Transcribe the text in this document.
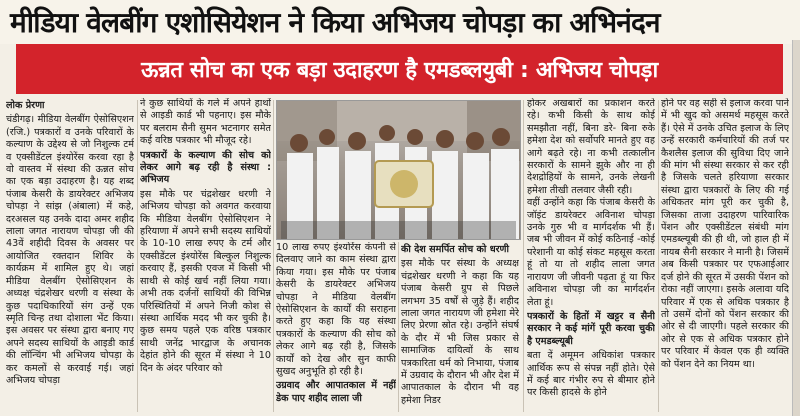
मीडिया वेलबींग एशोसियेशन ने किया अभिजय चोपड़ा का अभिनंदन
ऊन्नत सोच का एक बड़ा उदाहरण है एमडब्लयुबी : अभिजय चोपड़ा
लोक प्रेरणा

चंडीगढ़। मीडिया वेलबींग ऐसोसिएशन (रजि.) पत्रकारों व उनके परिवारों के कल्याण के उद्देश्य से जो निशुल्क टर्म व एक्सीडेंटल इंश्योरेंस करवा रहा है वो वास्तव में संस्था की ऊन्नत सोच का एक बड़ा उदाहरण है। यह शब्द पंजाब केसरी के डायरेक्टर अभिजय चोपड़ा ने सांझ (अंबाला) में कहे, दरअसल यह उनके दादा अमर शहीद लाला जगत नारायण चोपड़ा जी की 43वें शहीदी दिवस के अवसर पर आयोजित रक्तदान शिविर के कार्यक्रम में शामिल हुए थे। जहां मीडिया वेलबींग ऐसोसिएशन के अध्यक्ष चंद्रशेखर धरणी व संस्था के कुछ पदाधिकारियों संग उन्हें एक स्मृति चिन्ह तथा दोशाला भेंट किया। इस अवसर पर संस्था द्वारा बनाए गए अपने सदस्य साथियों के आइडी कार्ड की लॉन्चिंग भी अभिजय चोपड़ा के कर कमलों से करवाई गई। जहां अभिजय चोपड़ा

ने कुछ साथियों के गले में अपने हाथों से आइडी कार्ड भी पहनाए। इस मौके पर बलराम सैनी सुमन भटनागर समेत कई वरिष्ठ पत्रकार भी मौजूद रहे।

पत्रकारों के कल्याण की सोच को लेकर आगे बढ़ रही है संस्था : अभिजय

इस मौके पर चंद्रशेखर धरणी ने अभिजय चोपड़ा को अवगत करवाया कि मीडिया वेलबींग ऐसोसिएशन ने हरियाणा में अपने सभी सदस्य साथियों के 10-10 लाख रुपए के टर्म और एक्सीडेंटल इंश्योरेंस बिल्कुल निशुल्क करवाए हैं, इसकी एवज में किसी भी साथी से कोई खर्च नहीं लिया गया। अभी तक दर्जनों साथियों की विभिन्न परिस्थितियों में अपने निजी कोश से संस्था आर्थिक मदद भी कर चुकी है। कुछ समय पहले एक वरिष्ठ पत्रकार साथी जनेंद्र भारद्वाज के अचानक देहांत होने की सूरत में संस्था ने 10 दिन के अंदर परिवार को

10 लाख रुपए इंश्योरेंस कंपनी से दिलवाए जाने का काम संस्था द्वारा किया गया। इस मौके पर पंजाब केसरी के डायरेक्टर अभिजय चोपड़ा ने मीडिया वेलबींग ऐसोसिएशन के कार्यों की सराहना करते हुए कहा कि यह संस्था पत्रकारों के कल्याण की सोच को लेकर आगे बढ़ रही है, जिसके कार्यों को देख और सुन काफी सुखद अनुभूति हो रही है।

उग्रवाद और आपातकाल में नहीं डेक पाए शहीद लाला जी
की देश समर्पित सोच को धरणी

इस मौके पर संस्था के अध्यक्ष चंद्रशेखर धरणी ने कहा कि यह पंजाब केसरी ग्रुप से पिछले लगभग 35 वर्षों से जुड़े हैं। शहीद लाला जगत नारायण जी हमेशा मेरे लिए प्रेरणा स्रोत रहे। उन्होंने संघर्ष के दौर में भी जिस प्रकार से सामाजिक दायित्वों के साथ पत्रकारिता धर्म को निभाया, पंजाब में उग्रवाद के दौरान भी और देश में आपातकाल के दौरान भी वह हमेशा निडर

होकर अखबारों का प्रकाशन करते रहे। कभी किसी के साथ कोई समझौता नहीं, बिना डरे- बिना रुके हमेशा देश को सर्वोपरि मानते हुए वह आगे बढ़ते रहे। ना कभी तत्कालीन सरकारों के सामने झुके और ना ही देशद्रोहियों के सामने, उनके लेखनी हमेशा तीखी तलवार जैसी रही।

वहीं उन्होंने कहा कि पंजाब केसरी के जॉइंट डायरेक्टर अविनाश चोपड़ा उनके गुरु भी व मार्गदर्शक भी हैं। जब भी जीवन में कोई कठिनाई -कोई परेशानी या कोई संकट महसूस करता हूं तो या तो शहीद लाला जगत नारायण जी जीवनी पढ़ता हूं या फिर अविनाश चोपड़ा जी का मार्गदर्शन लेता हूं।

पत्रकारों के हितों में खट्टर व सैनी सरकार ने कई मांगें पूरी करवा चुकी है एमडब्ल्यूबी

बता दें अमूमन अधिकांश पत्रकार आर्थिक रूप से संपन्न नहीं होते। ऐसे में कई बार गंभीर रुप से बीमार होने पर किसी हादसे के होने

होने पर वह सही से इलाज करवा पाने में भी खुद को असमर्थ महसूस करते हैं। ऐसे में उनके उचित इलाज के लिए उन्हें सरकारी कर्मचारियों की तर्ज पर कैशलैस इलाज की सुविधा दिए जाने की मांग भी संस्था सरकार से कर रही है जिसके चलते हरियाणा सरकार संस्था द्वारा पत्रकारों के लिए की गई अधिकतर मांग पूरी कर चुकी है, जिसका ताजा उदाहरण पारिवारिक पेंशन और एक्सीडेंटल संबंधी मांग एमडब्ल्यूबी की ही थी, जो हाल ही में नायब सैनी सरकार ने मानी है। जिसमें अब किसी पत्रकार पर एफआईआर दर्ज होने की सूरत में उसकी पेंशन को रोका नहीं जाएगा। इसके अलावा यदि परिवार में एक से अधिक पत्रकार है तो उसमें दोनों को पेंशन सरकार की ओर से दी जाएगी। पहले सरकार की ओर से एक से अधिक पत्रकार होने पर परिवार में केवल एक ही व्यक्ति को पेंशन देने का नियम था।
